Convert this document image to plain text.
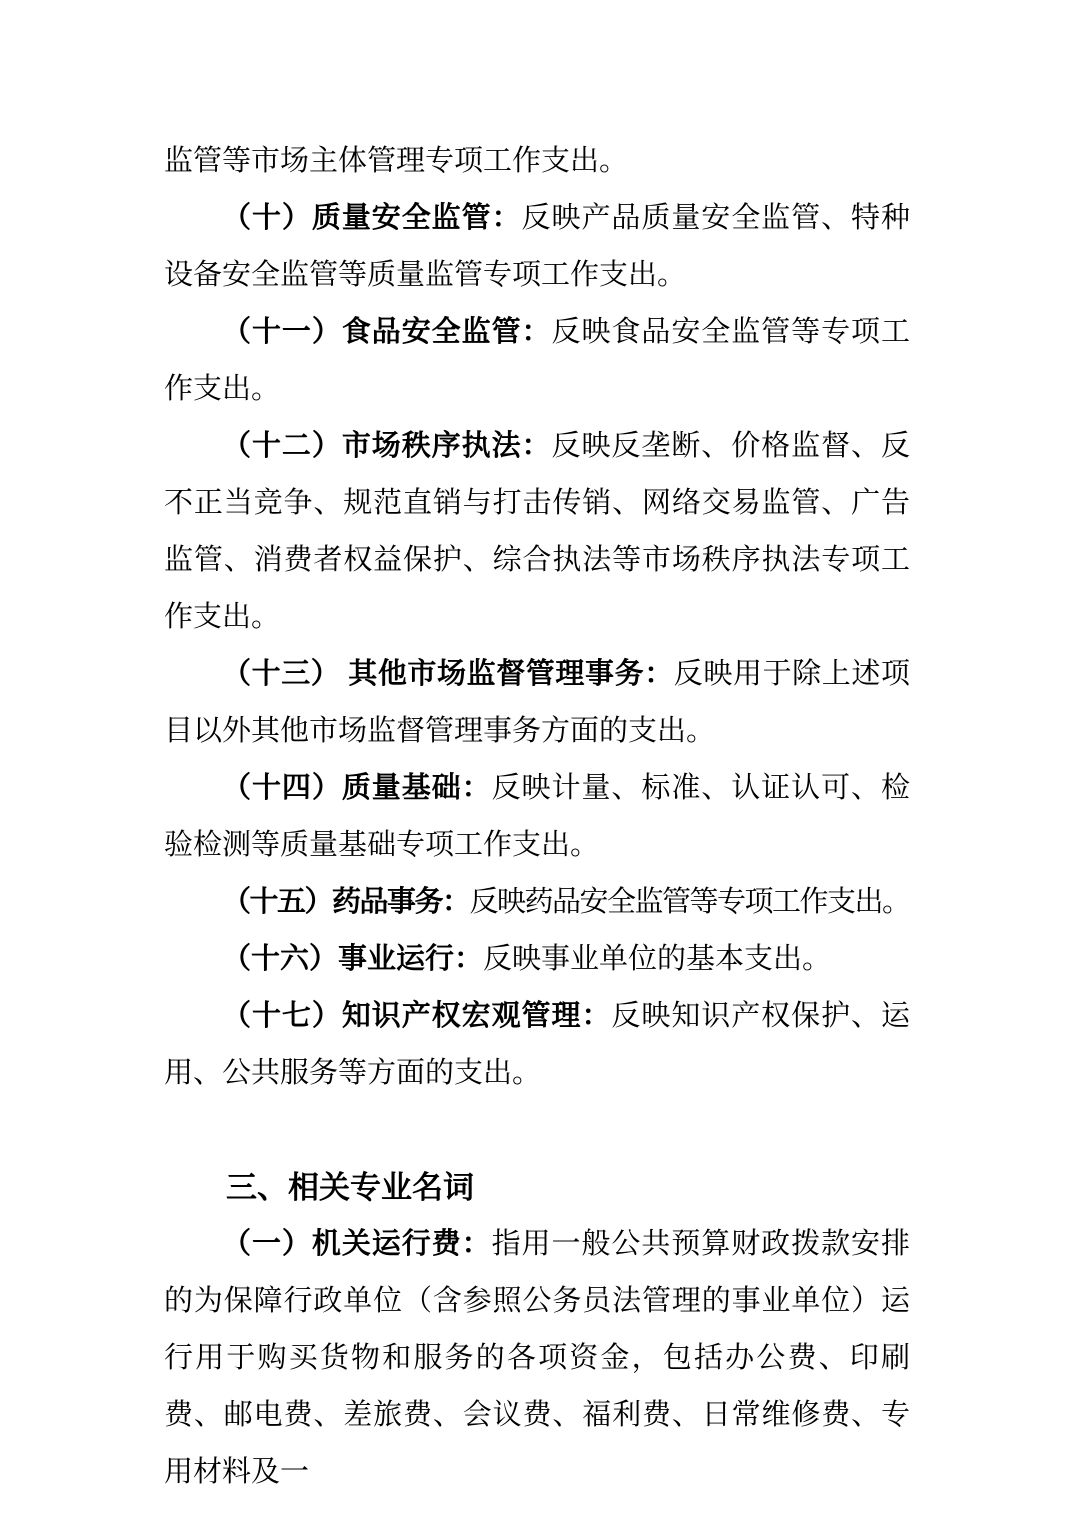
监管等市场主体管理专项工作支出。

（十）质量安全监管：反映产品质量安全监管、特种设备安全监管等质量监管专项工作支出。

（十一）食品安全监管：反映食品安全监管等专项工作支出。

（十二）市场秩序执法：反映反垄断、价格监督、反不正当竞争、规范直销与打击传销、网络交易监管、广告监管、消费者权益保护、综合执法等市场秩序执法专项工作支出。

（十三） 其他市场监督管理事务：反映用于除上述项目以外其他市场监督管理事务方面的支出。

（十四）质量基础：反映计量、标准、认证认可、检验检测等质量基础专项工作支出。

（十五）药品事务：反映药品安全监管等专项工作支出。

（十六）事业运行：反映事业单位的基本支出。

（十七）知识产权宏观管理：反映知识产权保护、运用、公共服务等方面的支出。

三、相关专业名词

（一）机关运行费：指用一般公共预算财政拨款安排的为保障行政单位（含参照公务员法管理的事业单位）运行用于购买货物和服务的各项资金，包括办公费、印刷费、邮电费、差旅费、会议费、福利费、日常维修费、专用材料及一
